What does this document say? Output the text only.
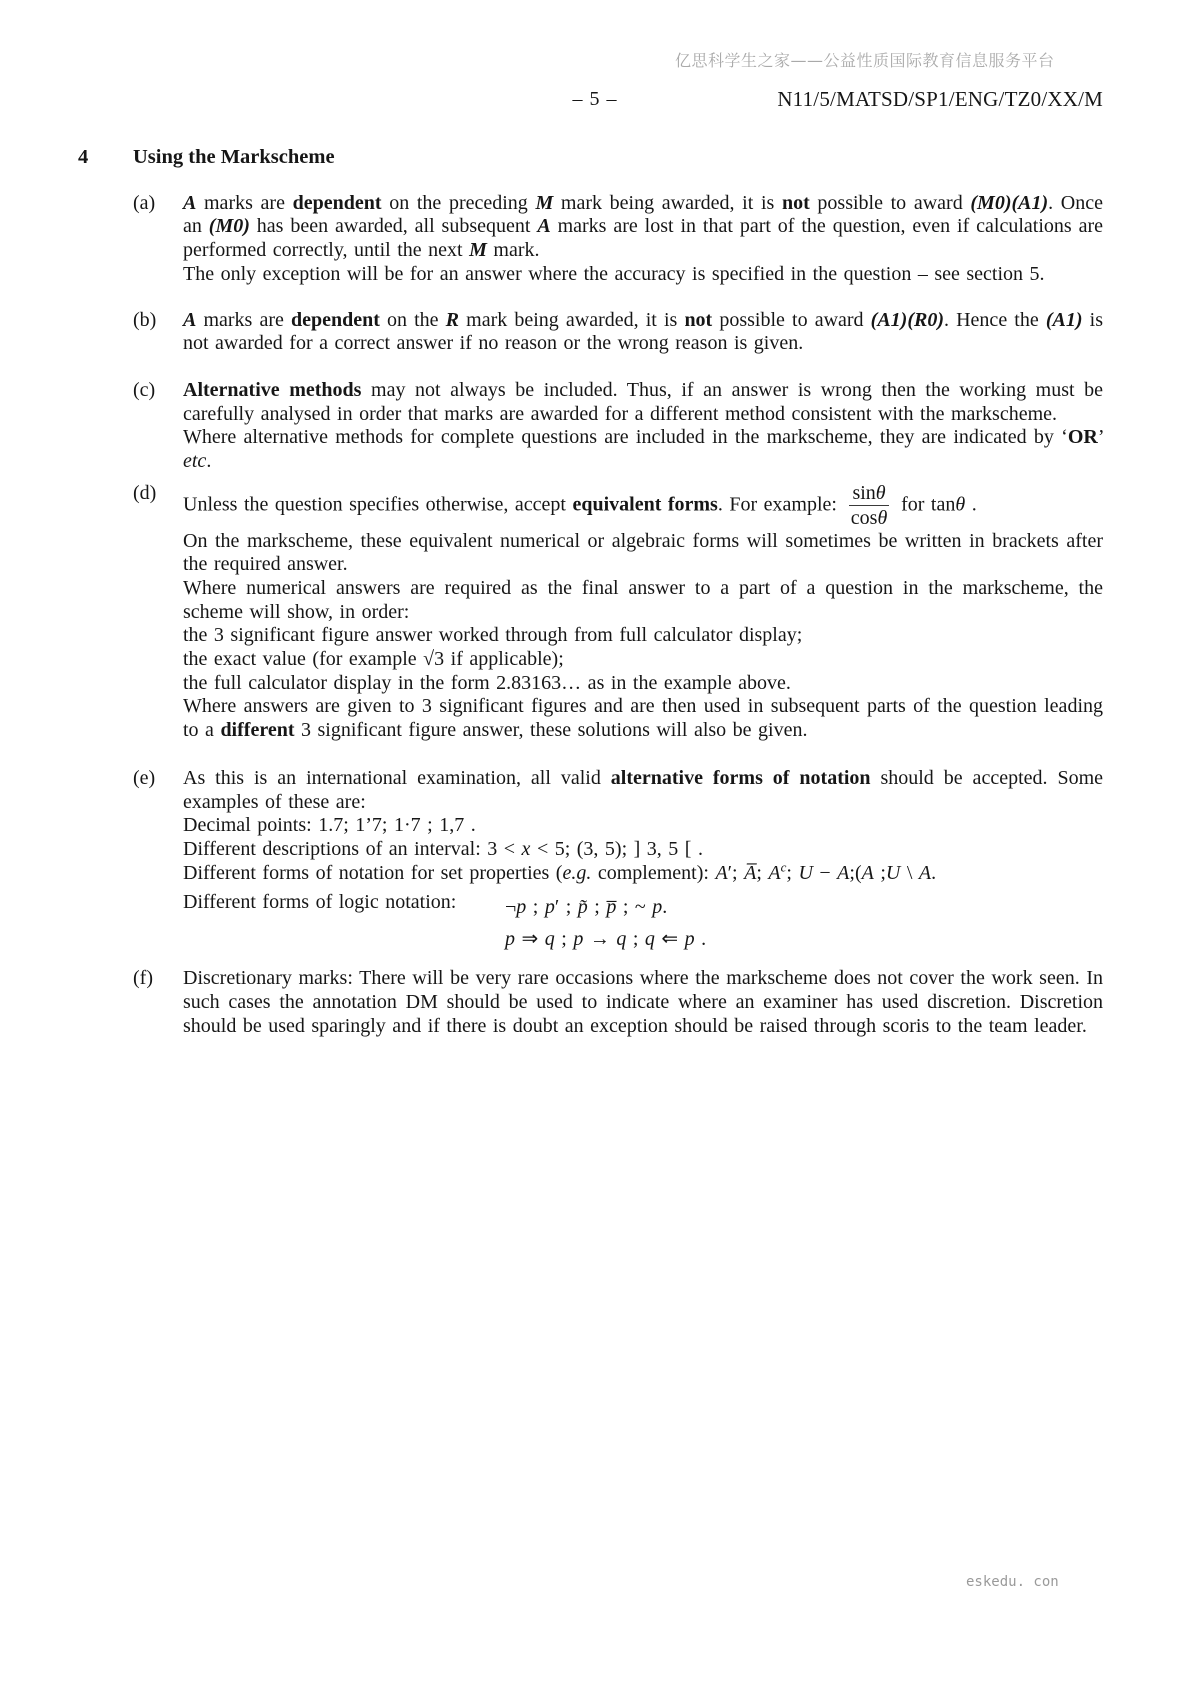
亿思科学生之家——公益性质国际教育信息服务平台
– 5 –	N11/5/MATSD/SP1/ENG/TZ0/XX/M
4 Using the Markscheme
(a)	A marks are dependent on the preceding M mark being awarded, it is not possible to award (M0)(A1). Once an (M0) has been awarded, all subsequent A marks are lost in that part of the question, even if calculations are performed correctly, until the next M mark.

The only exception will be for an answer where the accuracy is specified in the question – see section 5.

(b)	A marks are dependent on the R mark being awarded, it is not possible to award (A1)(R0). Hence the (A1) is not awarded for a correct answer if no reason or the wrong reason is given.

(c)	Alternative methods may not always be included. Thus, if an answer is wrong then the working must be carefully analysed in order that marks are awarded for a different method consistent with the markscheme.

Where alternative methods for complete questions are included in the markscheme, they are indicated by ‘OR’ etc.

(d)

Unless the question specifies otherwise, accept equivalent forms. For example: $\frac{\sin\theta}{\cos\theta}$ for tanθ .

On the markscheme, these equivalent numerical or algebraic forms will sometimes be written in brackets after the required answer.

Where numerical answers are required as the final answer to a part of a question in the markscheme, the scheme will show, in order:

the 3 significant figure answer worked through from full calculator display;

the exact value (for example √3 if applicable);

the full calculator display in the form 2.83163… as in the example above.

Where answers are given to 3 significant figures and are then used in subsequent parts of the question leading to a different 3 significant figure answer, these solutions will also be given.

(e)	As this is an international examination, all valid alternative forms of notation should be accepted. Some examples of these are:

Decimal points: 1.7; 1’7; 1·7 ; 1,7 .

Different descriptions of an interval: 3 < x < 5; (3, 5); ] 3, 5 [ .

Different forms of notation for set properties (e.g. complement): A′; A̅; $A^c$; U − A;(A ;U \ A.

Different forms of logic notation:	¬p ; p′ ; p̃ ; p̅ ; ~ p.

p ⇒ q ; p → q ; q ⇐ p .

(f)	Discretionary marks: There will be very rare occasions where the markscheme does not cover the work seen. In such cases the annotation DM should be used to indicate where an examiner has used discretion. Discretion should be used sparingly and if there is doubt an exception should be raised through scoris to the team leader.

eskedu. con
